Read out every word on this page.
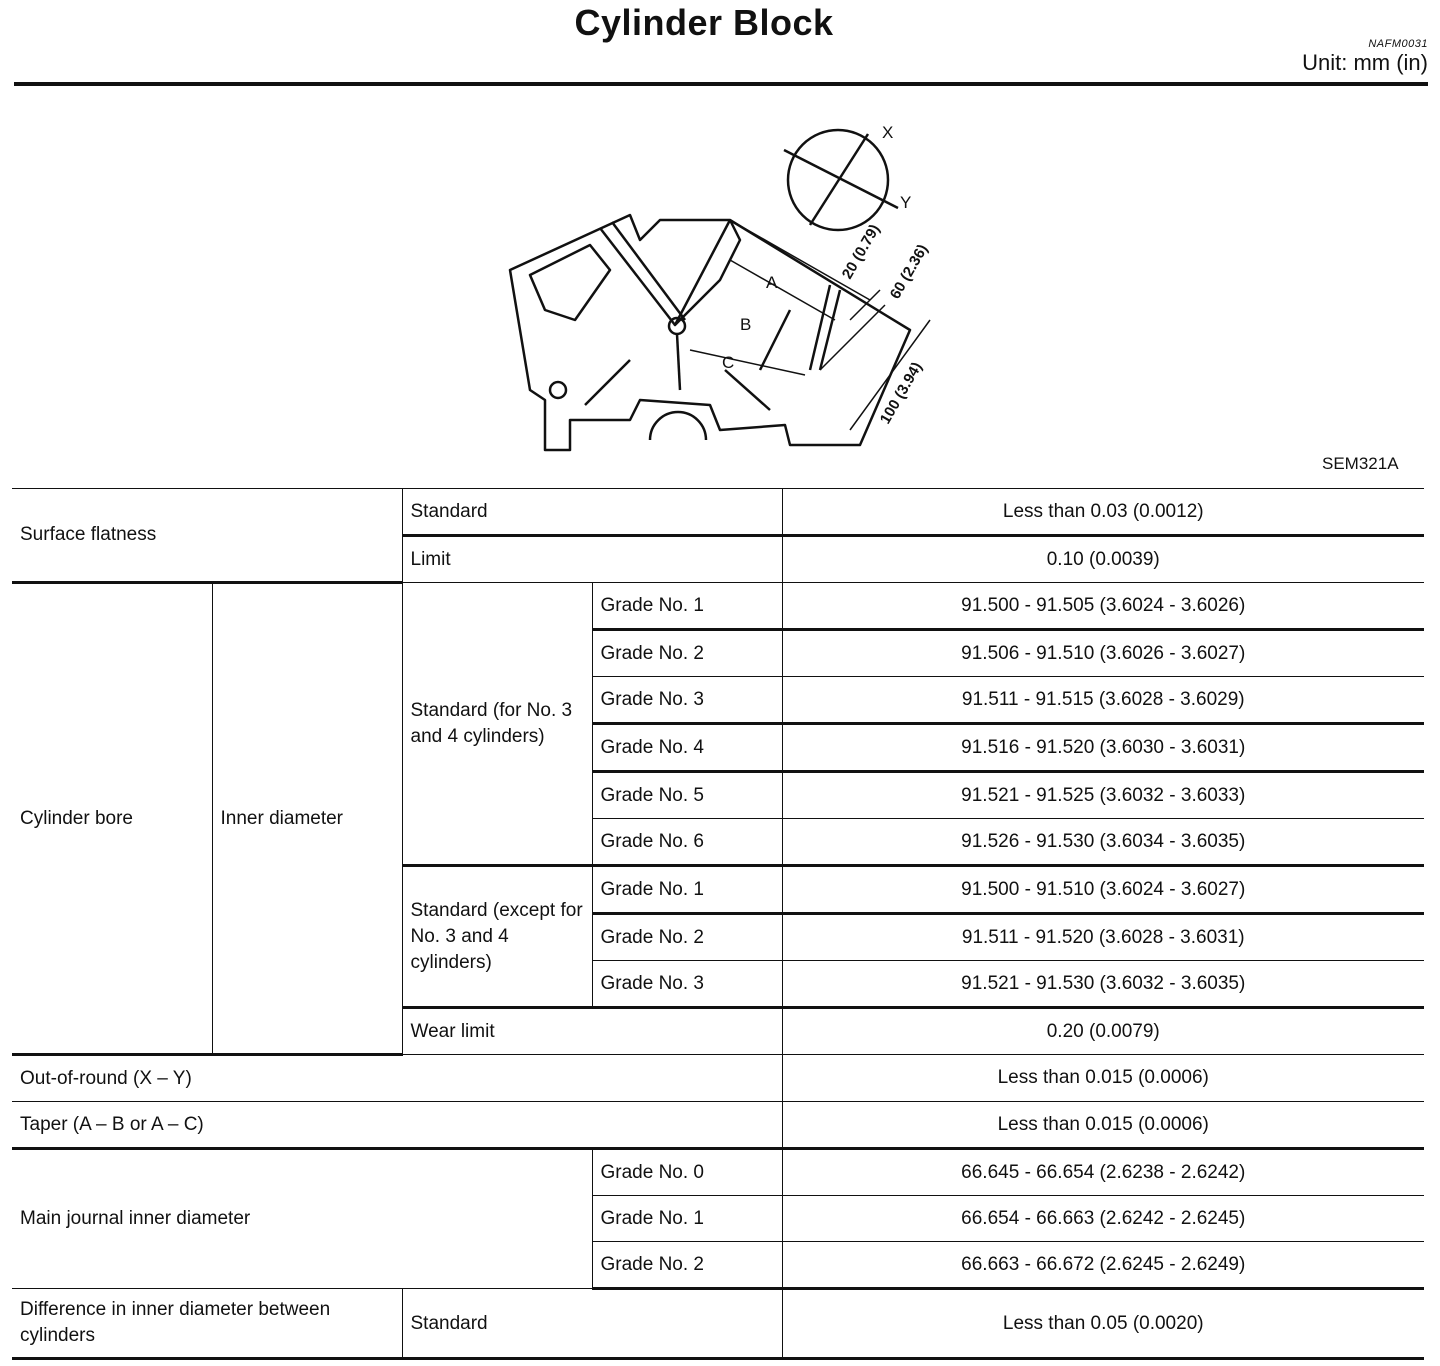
Cylinder Block
NAFM0031
Unit: mm (in)
X
Y
A
B
C
20 (0.79) 60 (2.36)
100 (3.94)
SEM321A
Surface flatness		Standard		Less than 0.03 (0.0012)
		Limit		0.10 (0.0039)
Cylinder bore	Inner diameter	Standard (for No. 3 and 4 cylinders)	Grade No. 1	91.500 - 91.505 (3.6024 - 3.6026)
			Grade No. 2	91.506 - 91.510 (3.6026 - 3.6027)
			Grade No. 3	91.511 - 91.515 (3.6028 - 3.6029)
			Grade No. 4	91.516 - 91.520 (3.6030 - 3.6031)
			Grade No. 5	91.521 - 91.525 (3.6032 - 3.6033)
			Grade No. 6	91.526 - 91.530 (3.6034 - 3.6035)
		Standard (except for No. 3 and 4 cylinders)	Grade No. 1	91.500 - 91.510 (3.6024 - 3.6027)
			Grade No. 2	91.511 - 91.520 (3.6028 - 3.6031)
			Grade No. 3	91.521 - 91.530 (3.6032 - 3.6035)
		Wear limit		0.20 (0.0079)
Out-of-round (X – Y)				Less than 0.015 (0.0006)
Taper (A – B or A – C)				Less than 0.015 (0.0006)
Main journal inner diameter			Grade No. 0	66.645 - 66.654 (2.6238 - 2.6242)
			Grade No. 1	66.654 - 66.663 (2.6242 - 2.6245)
			Grade No. 2	66.663 - 66.672 (2.6245 - 2.6249)
Difference in inner diameter between cylinders		Standard		Less than 0.05 (0.0020)
